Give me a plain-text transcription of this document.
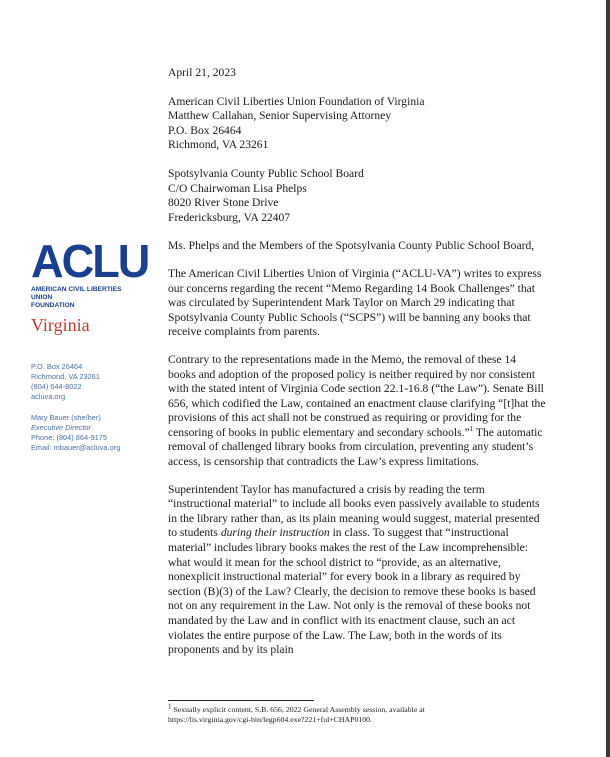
ACLU
AMERICAN CIVIL LIBERTIES UNION
FOUNDATION
Virginia
P.O. Box 26464
Richmond, VA 23261
(804) 644-8022
acluva.org
Mary Bauer (she/her)
Executive Director
Phone: (804) 864-9175
Email: mbauer@acluva.org

April 21, 2023

American Civil Liberties Union Foundation of Virginia
Matthew Callahan, Senior Supervising Attorney
P.O. Box 26464
Richmond, VA 23261
Spotsylvania County Public School Board
C/O Chairwoman Lisa Phelps
8020 River Stone Drive
Fredericksburg, VA 22407

Ms. Phelps and the Members of the Spotsylvania County Public School Board,

The American Civil Liberties Union of Virginia (“ACLU-VA”) writes to express our concerns regarding the recent “Memo Regarding 14 Book Challenges” that was circulated by Superintendent Mark Taylor on March 29 indicating that Spotsylvania County Public Schools (“SCPS”) will be banning any books that receive complaints from parents.

Contrary to the representations made in the Memo, the removal of these 14 books and adoption of the proposed policy is neither required by nor consistent with the stated intent of Virginia Code section 22.1-16.8 (“the Law”). Senate Bill 656, which codified the Law, contained an enactment clause clarifying “[t]hat the provisions of this act shall not be construed as requiring or providing for the censoring of books in public elementary and secondary schools.”$^1$ The automatic removal of challenged library books from circulation, preventing any student’s access, is censorship that contradicts the Law’s express limitations.

Superintendent Taylor has manufactured a crisis by reading the term “instructional material” to include all books even passively available to students in the library rather than, as its plain meaning would suggest, material presented to students during their instruction in class. To suggest that “instructional material” includes library books makes the rest of the Law incomprehensible: what would it mean for the school district to “provide, as an alternative, nonexplicit instructional material” for every book in a library as required by section (B)(3) of the Law? Clearly, the decision to remove these books is based not on any requirement in the Law. Not only is the removal of these books not mandated by the Law and in conflict with its enactment clause, such an act violates the entire purpose of the Law. The Law, both in the words of its proponents and by its plain

$^1$ Sexually explicit content, S.B. 656, 2022 General Assembly session, available at
https://lis.virginia.gov/cgi-bin/legp604.exe?221+ful+CHAP0100.
